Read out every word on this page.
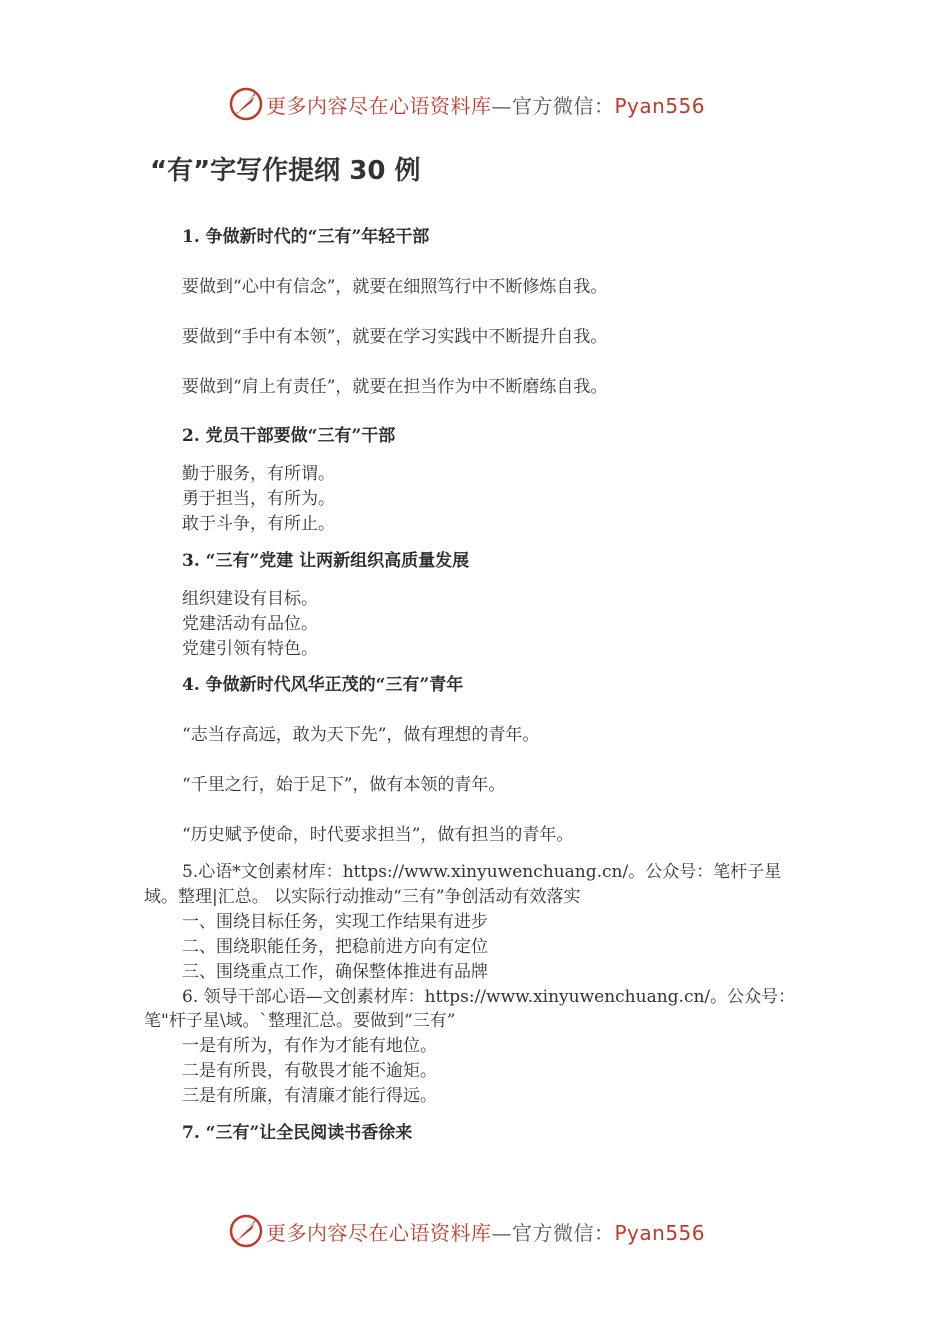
更多内容尽在心语资料库—官方微信：Pyan556
“有”字写作提纲 30 例
1. 争做新时代的“三有”年轻干部
要做到“心中有信念”，就要在细照笃行中不断修炼自我。
要做到“手中有本领”，就要在学习实践中不断提升自我。
要做到“肩上有责任”，就要在担当作为中不断磨练自我。
2. 党员干部要做“三有”干部
勤于服务，有所谓。
勇于担当，有所为。
敢于斗争，有所止。
3. “三有”党建 让两新组织高质量发展
组织建设有目标。
党建活动有品位。
党建引领有特色。
4. 争做新时代风华正茂的“三有”青年
“志当存高远，敢为天下先”，做有理想的青年。
“千里之行，始于足下”，做有本领的青年。
“历史赋予使命，时代要求担当”，做有担当的青年。
5.心语*文创素材库：https://www.xinyuwenchuang.cn/。公众号：笔杆子星
域。整理|汇总。 以实际行动推动“三有”争创活动有效落实
一、围绕目标任务，实现工作结果有进步
二、围绕职能任务，把稳前进方向有定位
三、围绕重点工作，确保整体推进有品牌
6. 领导干部心语—文创素材库：https://www.xinyuwenchuang.cn/。公众号：
笔"杆子星\域。`整理汇总。要做到“三有”
一是有所为，有作为才能有地位。
二是有所畏，有敬畏才能不逾矩。
三是有所廉，有清廉才能行得远。
7. “三有”让全民阅读书香徐来
更多内容尽在心语资料库—官方微信：Pyan556
